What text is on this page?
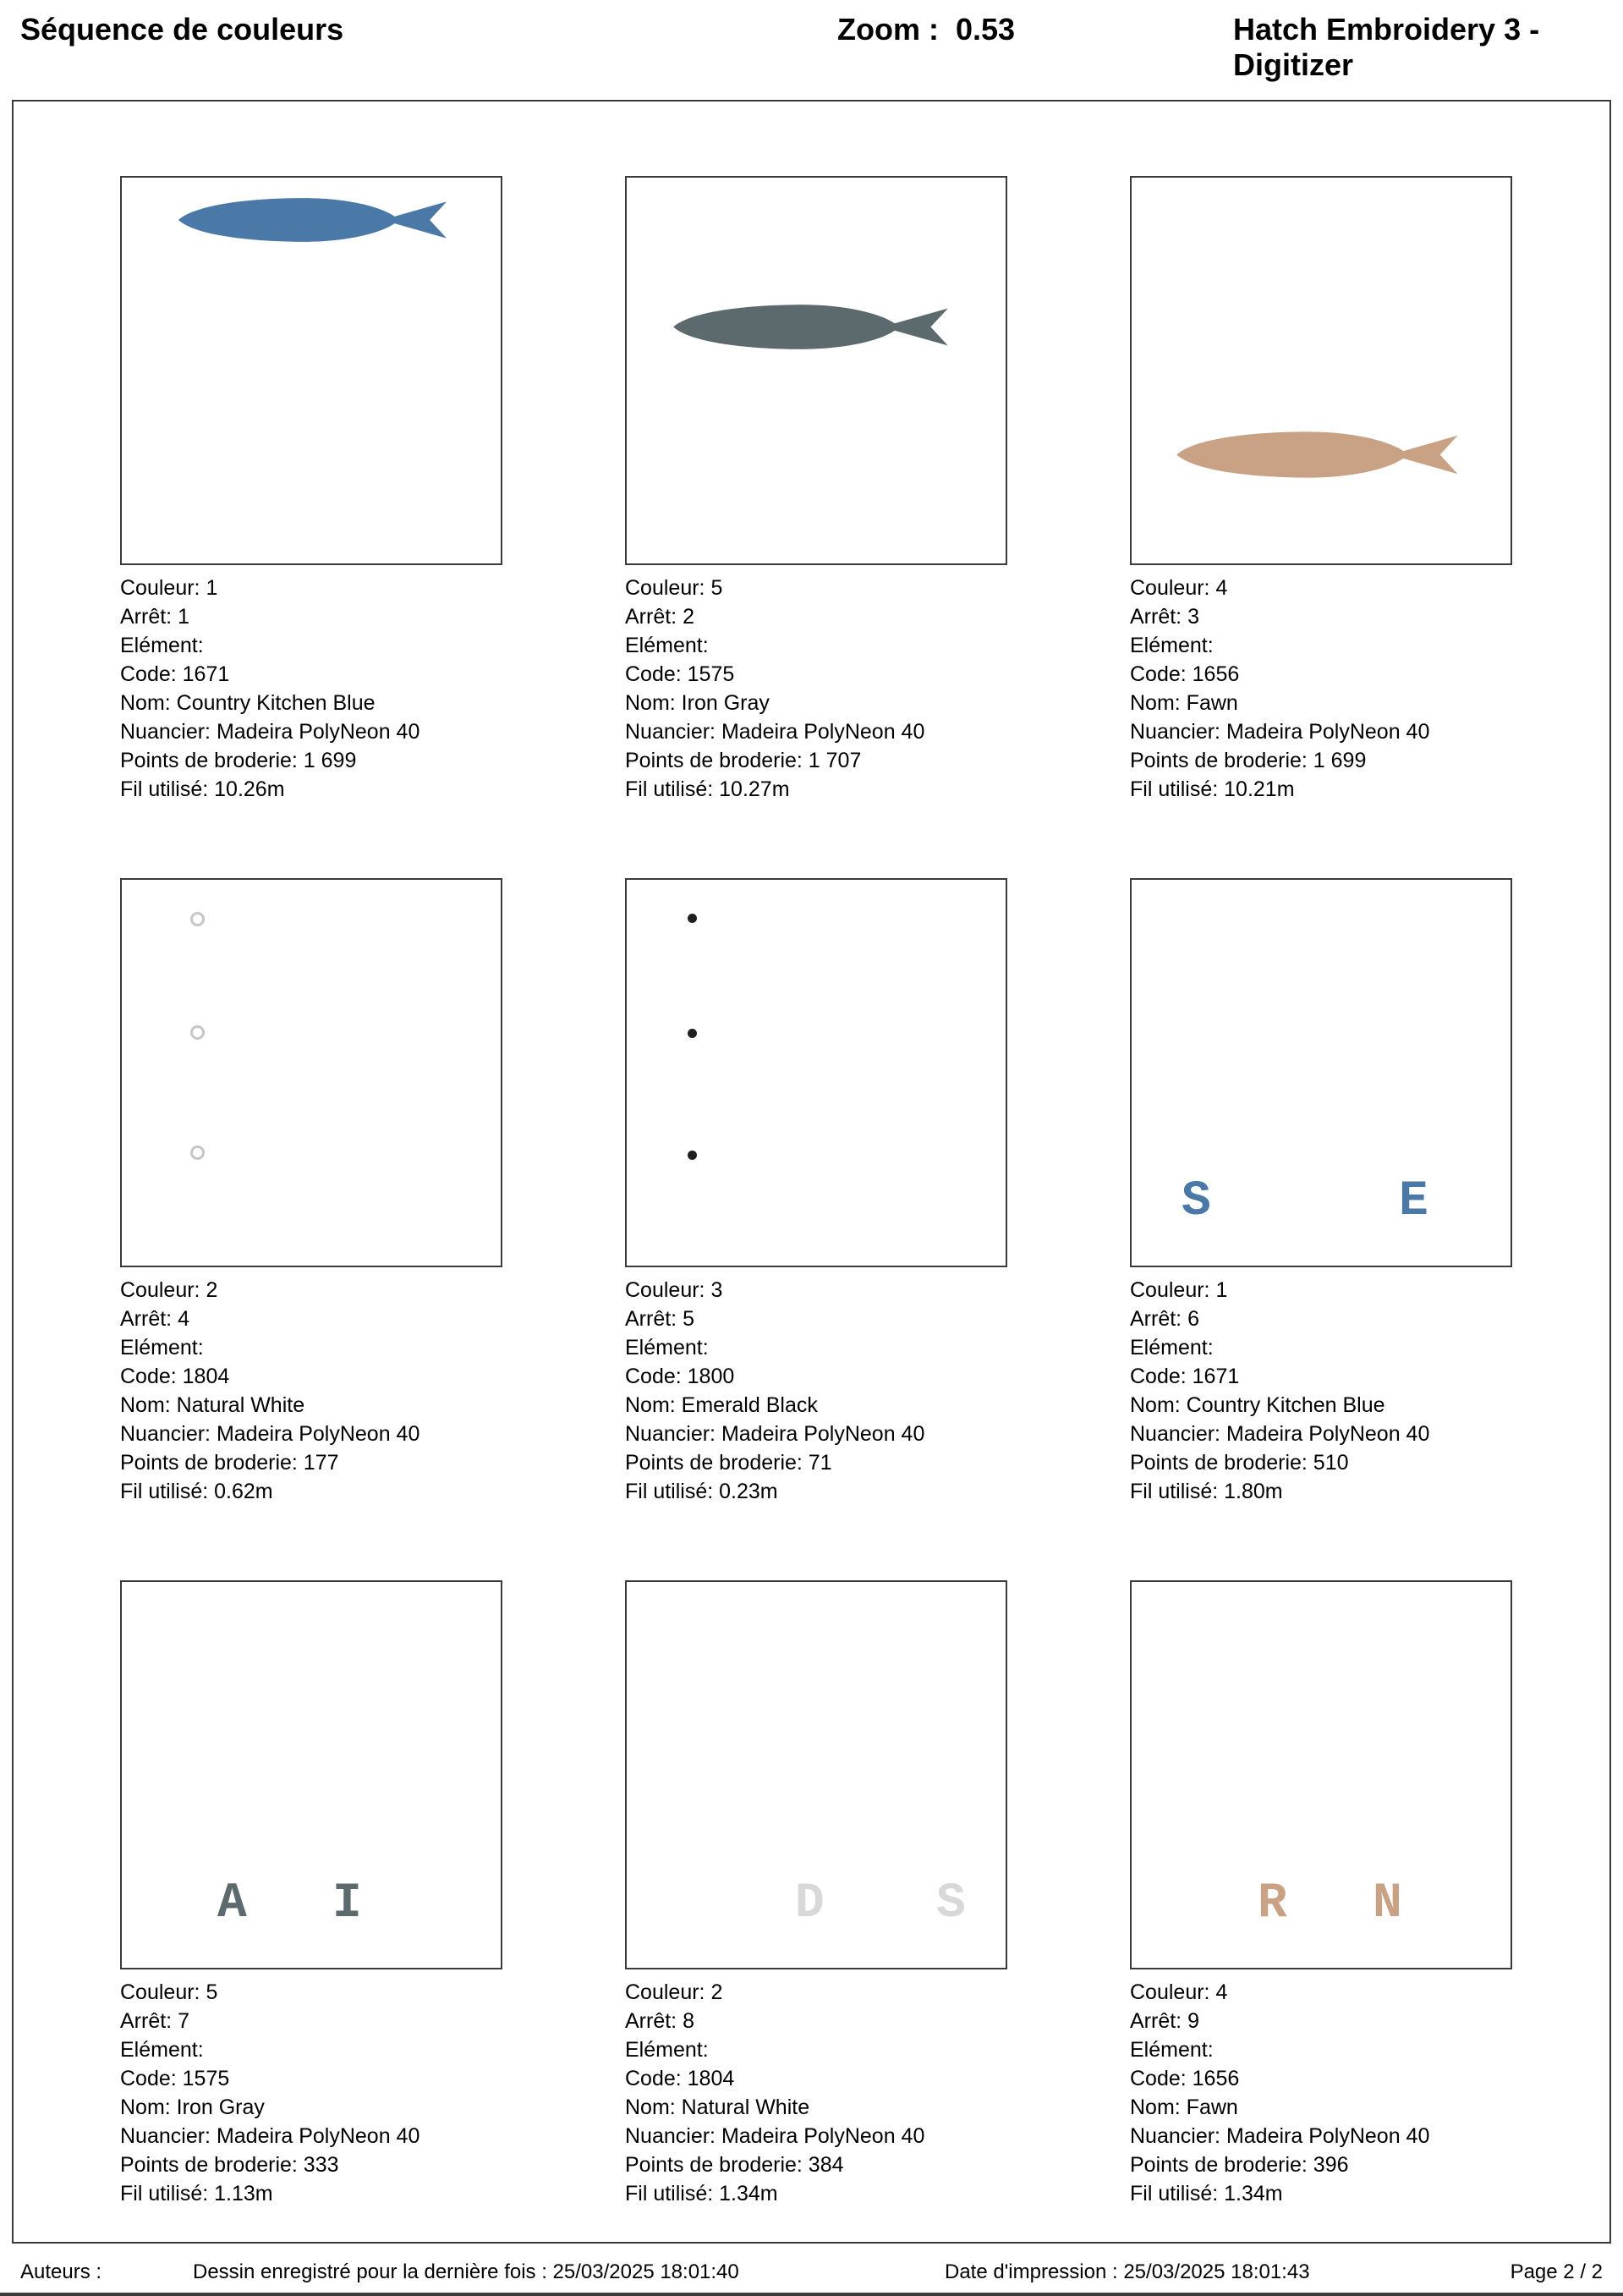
Séquence de couleurs	Zoom :  0.53	Hatch Embroidery 3 - Digitizer
Couleur: 1
Arrêt: 1
Elément:
Code: 1671
Nom: Country Kitchen Blue
Nuancier: Madeira PolyNeon 40
Points de broderie: 1 699
Fil utilisé: 10.26m
Couleur: 5
Arrêt: 2
Elément:
Code: 1575
Nom: Iron Gray
Nuancier: Madeira PolyNeon 40
Points de broderie: 1 707
Fil utilisé: 10.27m
Couleur: 4
Arrêt: 3
Elément:
Code: 1656
Nom: Fawn
Nuancier: Madeira PolyNeon 40
Points de broderie: 1 699
Fil utilisé: 10.21m
Couleur: 2
Arrêt: 4
Elément:
Code: 1804
Nom: Natural White
Nuancier: Madeira PolyNeon 40
Points de broderie: 177
Fil utilisé: 0.62m
Couleur: 3
Arrêt: 5
Elément:
Code: 1800
Nom: Emerald Black
Nuancier: Madeira PolyNeon 40
Points de broderie: 71
Fil utilisé: 0.23m
S	E
Couleur: 1
Arrêt: 6
Elément:
Code: 1671
Nom: Country Kitchen Blue
Nuancier: Madeira PolyNeon 40
Points de broderie: 510
Fil utilisé: 1.80m
A I
Couleur: 5
Arrêt: 7
Elément:
Code: 1575
Nom: Iron Gray
Nuancier: Madeira PolyNeon 40
Points de broderie: 333
Fil utilisé: 1.13m
D S
Couleur: 2
Arrêt: 8
Elément:
Code: 1804
Nom: Natural White
Nuancier: Madeira PolyNeon 40
Points de broderie: 384
Fil utilisé: 1.34m
R N
Couleur: 4
Arrêt: 9
Elément:
Code: 1656
Nom: Fawn
Nuancier: Madeira PolyNeon 40
Points de broderie: 396
Fil utilisé: 1.34m
Auteurs :	Dessin enregistré pour la dernière fois : 25/03/2025 18:01:40	Date d'impression : 25/03/2025 18:01:43	Page 2 / 2
